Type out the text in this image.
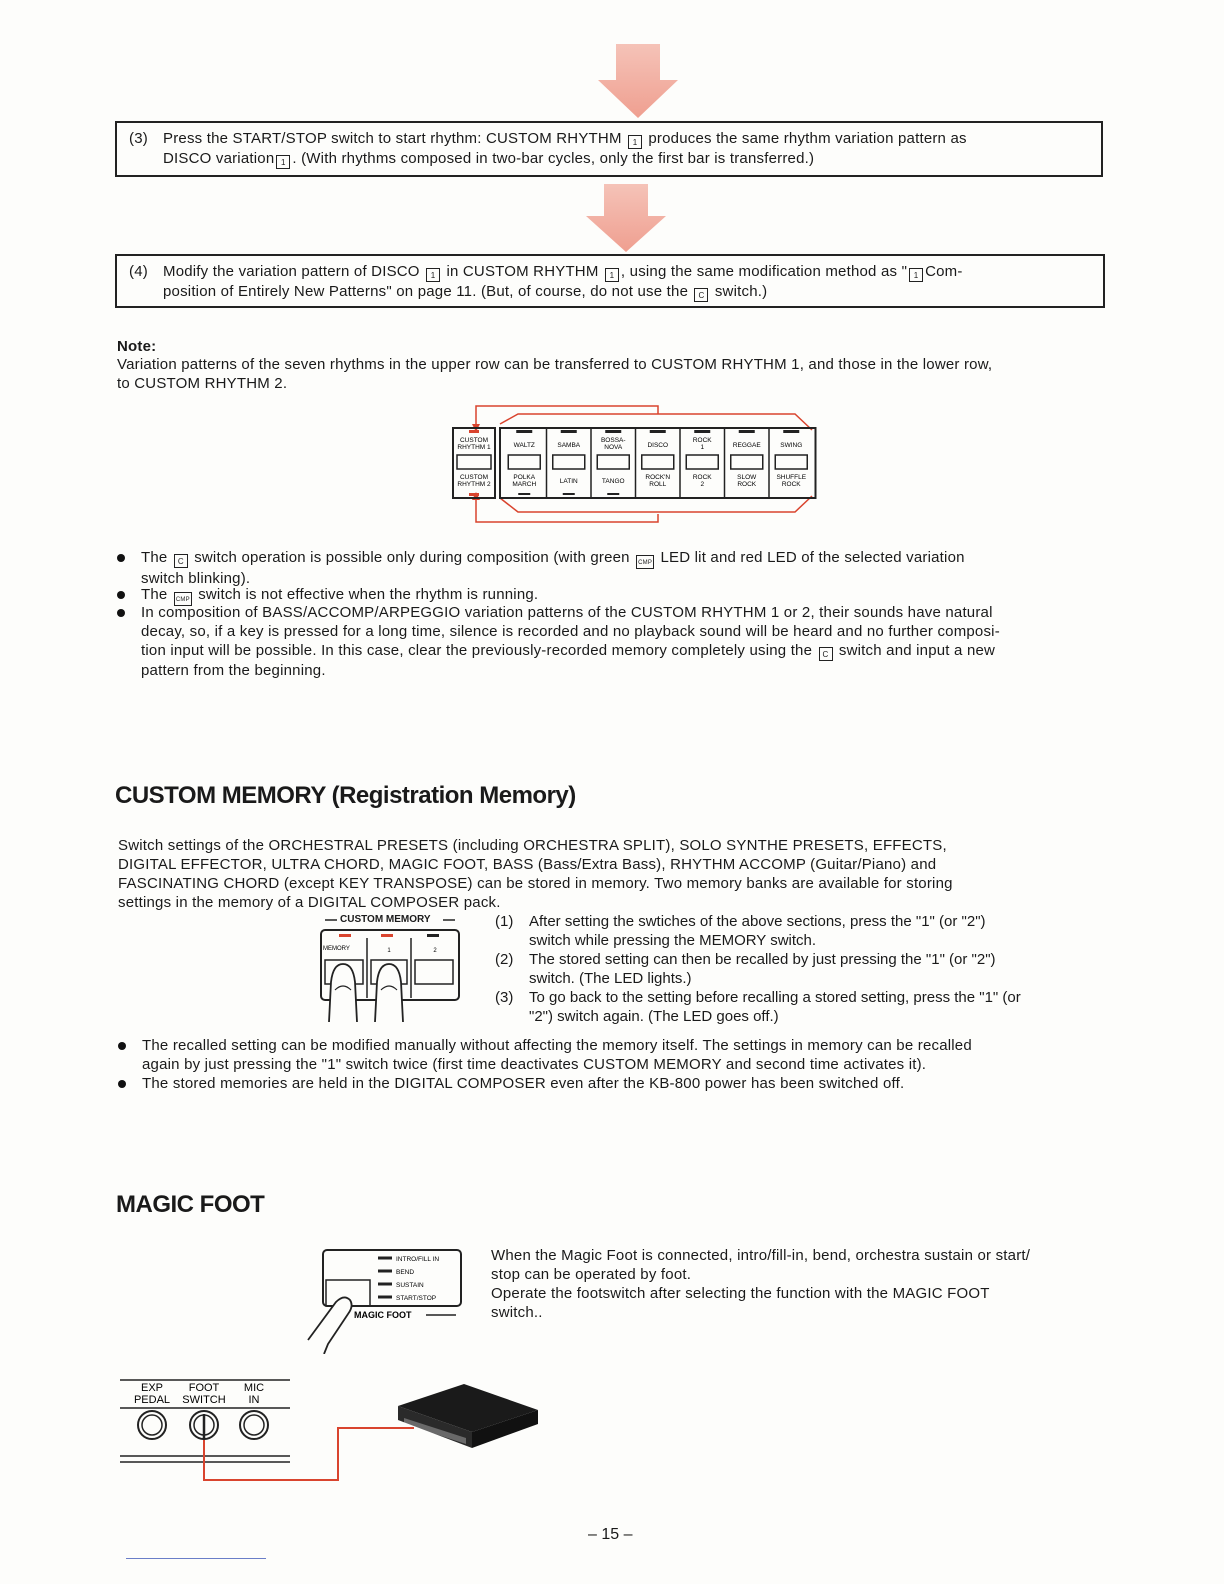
(3)	Press the START/STOP switch to start rhythm: CUSTOM RHYTHM 1 produces the same rhythm variation pattern as
DISCO variation 1 . (With rhythms composed in two-bar cycles, only the first bar is transferred.)
(4)	Modify the variation pattern of DISCO 1 in CUSTOM RHYTHM 1 , using the same modification method as " 1 Com-
position of Entirely New Patterns" on page 11. (But, of course, do not use the C switch.)
Note:
Variation patterns of the seven rhythms in the upper row can be transferred to CUSTOM RHYTHM 1, and those in the lower row,
to CUSTOM RHYTHM 2.
CUSTOM
RHYTHM 1
CUSTOM
RHYTHM 2
WALTZ
POLKA
MARCH
SAMBA
LATIN
BOSSA-
NOVA
TANGO
DISCO
ROCK'N
ROLL
ROCK
1
ROCK
2
REGGAE
SLOW
ROCK
SWING
SHUFFLE
ROCK
The C switch operation is possible only during composition (with green CMP LED lit and red LED of the selected variation
switch blinking).
The CMP switch is not effective when the rhythm is running.
In composition of BASS/ACCOMP/ARPEGGIO variation patterns of the CUSTOM RHYTHM 1 or 2, their sounds have natural
decay, so, if a key is pressed for a long time, silence is recorded and no playback sound will be heard and no further composi-
tion input will be possible. In this case, clear the previously-recorded memory completely using the C switch and input a new
pattern from the beginning.
CUSTOM MEMORY (Registration Memory)
Switch settings of the ORCHESTRAL PRESETS (including ORCHESTRA SPLIT), SOLO SYNTHE PRESETS, EFFECTS,
DIGITAL EFFECTOR, ULTRA CHORD, MAGIC FOOT, BASS (Bass/Extra Bass), RHYTHM ACCOMP (Guitar/Piano) and
FASCINATING CHORD (except KEY TRANSPOSE) can be stored in memory. Two memory banks are available for storing
settings in the memory of a DIGITAL COMPOSER pack.
CUSTOM MEMORY
MEMORY	1	2
(1) After setting the swtiches of the above sections, press the "1" (or "2")
switch while pressing the MEMORY switch.
(2) The stored setting can then be recalled by just pressing the "1" (or "2")
switch. (The LED lights.)
(3) To go back to the setting before recalling a stored setting, press the "1" (or
"2") switch again. (The LED goes off.)
The recalled setting can be modified manually without affecting the memory itself. The settings in memory can be recalled
again by just pressing the "1" switch twice (first time deactivates CUSTOM MEMORY and second time activates it).
The stored memories are held in the DIGITAL COMPOSER even after the KB-800 power has been switched off.
MAGIC FOOT
INTRO/FILL IN
BEND
SUSTAIN
START/STOP
MAGIC FOOT
When the Magic Foot is connected, intro/fill-in, bend, orchestra sustain or start/
stop can be operated by foot.
Operate the footswitch after selecting the function with the MAGIC FOOT
switch..
EXP
PEDAL
FOOT
SWITCH
MIC
IN
– 15 –
